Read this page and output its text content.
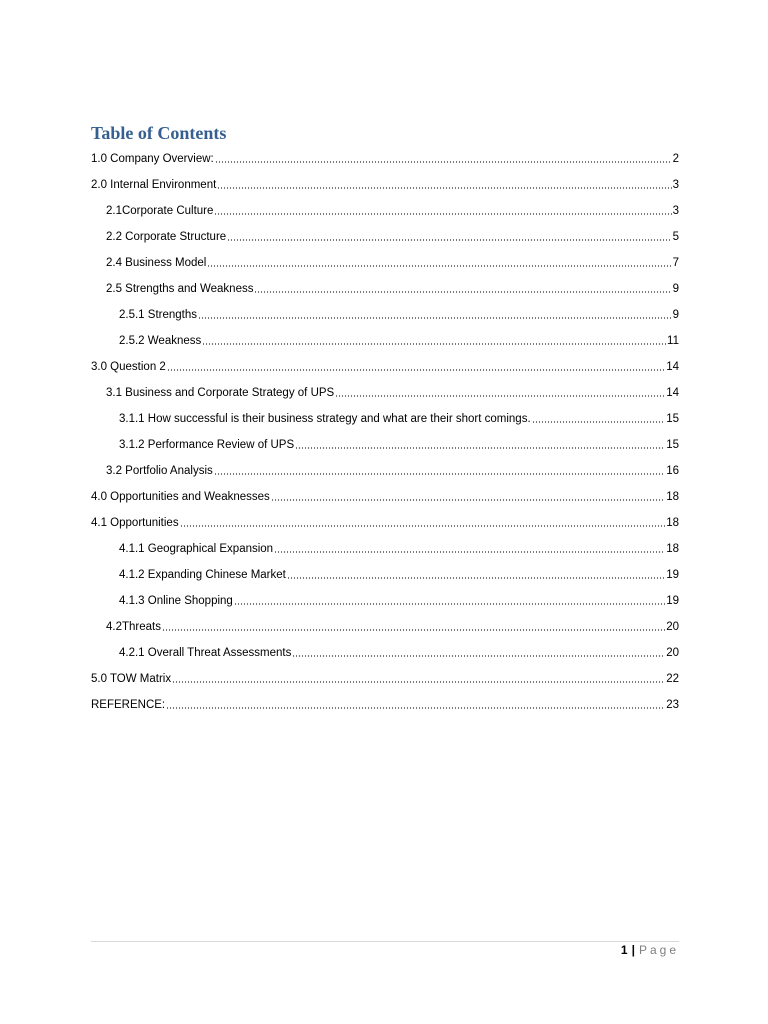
Table of Contents
1.0 Company Overview:	2
2.0 Internal Environment	3
2.1Corporate Culture	3
2.2 Corporate Structure	5
2.4 Business Model	7
2.5 Strengths and Weakness	9
2.5.1 Strengths	9
2.5.2 Weakness	11
3.0 Question 2	14
3.1 Business and Corporate Strategy of UPS	14
3.1.1 How successful is their business strategy and what are their short comings.	15
3.1.2 Performance Review of UPS	15
3.2 Portfolio Analysis	16
4.0 Opportunities and Weaknesses	18
4.1 Opportunities	18
4.1.1 Geographical Expansion	18
4.1.2 Expanding Chinese Market	19
4.1.3 Online Shopping	19
4.2Threats	20
4.2.1 Overall Threat Assessments	20
5.0 TOW Matrix	22
REFERENCE:	23
1 | Page
